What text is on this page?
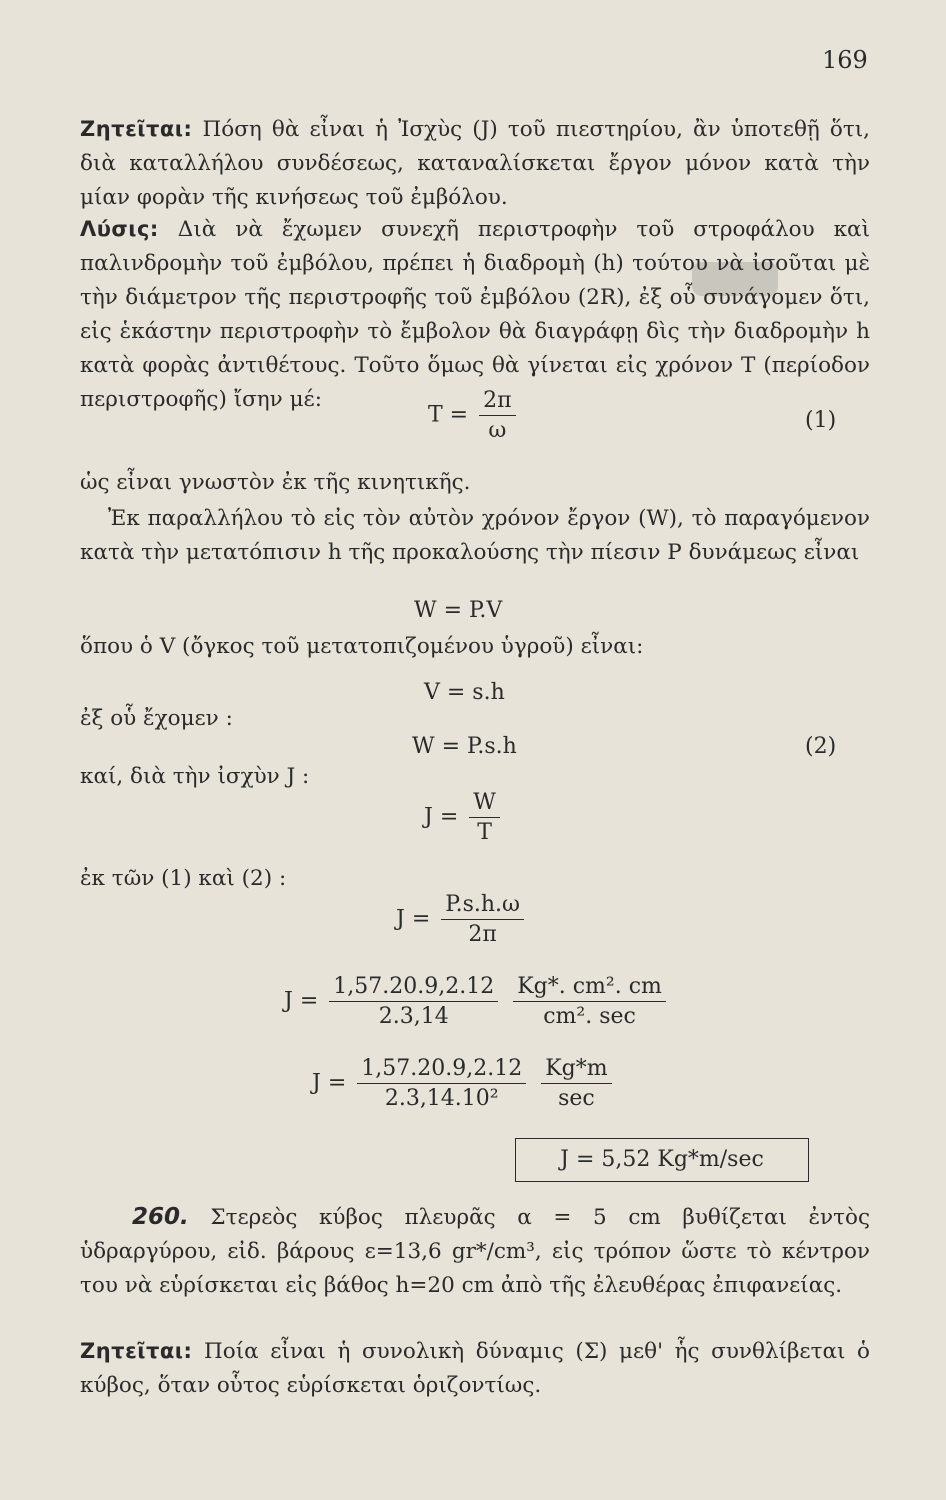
169
Ζητεῖται: Πόση θὰ εἶναι ἡ Ἰσχὺς (J) τοῦ πιεστηρίου, ἂν ὑποτεθῇ ὅτι, διὰ καταλλήλου συνδέσεως, καταναλίσκεται ἔργον μόνον κατὰ τὴν μίαν φορὰν τῆς κινήσεως τοῦ ἐμβόλου.
Λύσις: Διὰ νὰ ἔχωμεν συνεχῆ περιστροφὴν τοῦ στροφάλου καὶ παλινδρομὴν τοῦ ἐμβόλου, πρέπει ἡ διαδρομὴ (h) τούτου νὰ ἰσοῦται μὲ τὴν διάμετρον τῆς περιστροφῆς τοῦ ἐμβόλου (2R), ἐξ οὗ συνάγομεν ὅτι, εἰς ἑκάστην περιστροφὴν τὸ ἔμβολον θὰ διαγράφῃ δὶς τὴν διαδρομὴν h κατὰ φορὰς ἀντιθέτους. Τοῦτο ὅμως θὰ γίνεται εἰς χρόνον T (περίοδον περιστροφῆς) ἴσην μέ:
$T = \frac{2\pi}{\omega}$	(1)
ὡς εἶναι γνωστὸν ἐκ τῆς κινητικῆς.
Ἐκ παραλλήλου τὸ εἰς τὸν αὐτὸν χρόνον ἔργον (W), τὸ παραγόμενον κατὰ τὴν μετατόπισιν h τῆς προκαλούσης τὴν πίεσιν P δυνάμεως εἶναι
W = P.V
ὅπου ὁ V (ὄγκος τοῦ μετατοπιζομένου ὑγροῦ) εἶναι:
V = s.h
ἐξ οὗ ἔχομεν :
W = P.s.h	(2)
καί, διὰ τὴν ἰσχὺν J :
$J = \frac{W}{T}$
ἐκ τῶν (1) καὶ (2) :
$J = \frac{P.s.h.\omega}{2\pi}$
$J = \frac{1,57.20.9,2.12}{2.3,14}$
$\frac{\text{Kg*. cm². cm}}{\text{cm². sec}}$
$J = \frac{1,57.20.9,2.12}{\text{2.3,14.10²}}$
$\frac{Kg*m}{\sec}$
J = 5,52 Kg*m/sec
260. Στερεὸς κύβος πλευρᾶς α = 5 cm βυθίζεται ἐντὸς ὑδραργύρου, εἰδ. βάρους ε=13,6 gr*/cm³, εἰς τρόπον ὥστε τὸ κέντρον του νὰ εὑρίσκεται εἰς βάθος h=20 cm ἀπὸ τῆς ἐλευθέρας ἐπιφανείας.
Ζητεῖται: Ποία εἶναι ἡ συνολικὴ δύναμις (Σ) μεθ' ἧς συνθλίβεται ὁ κύβος, ὅταν οὗτος εὑρίσκεται ὁριζοντίως.
